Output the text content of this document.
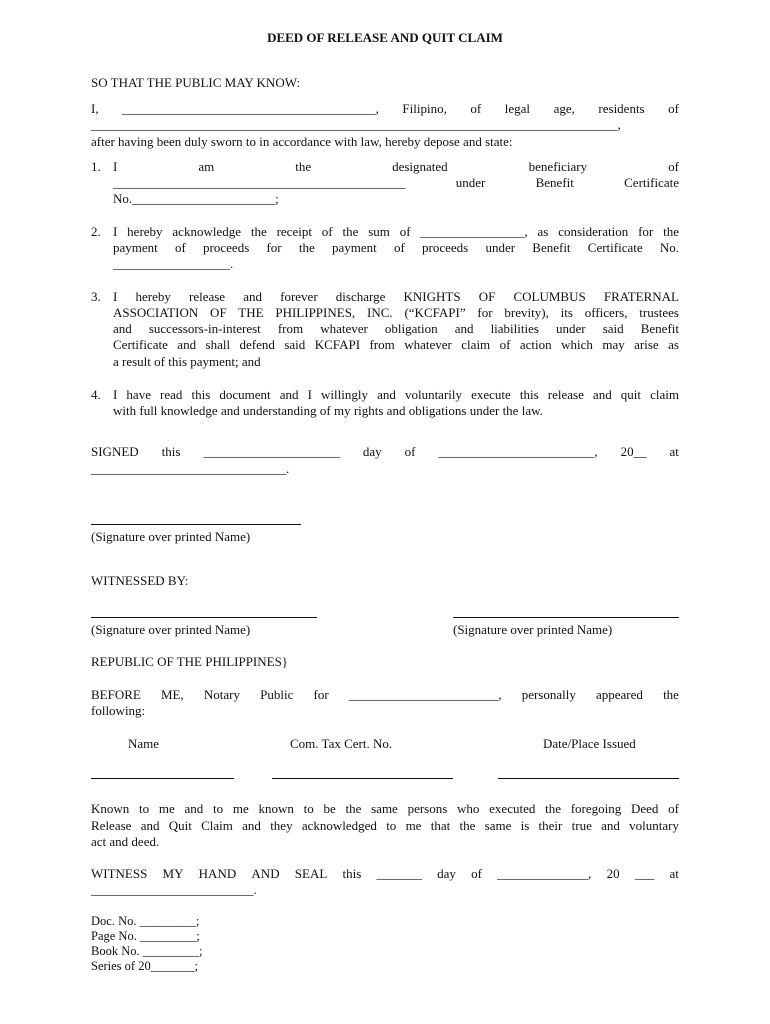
DEED OF RELEASE AND QUIT CLAIM
SO THAT THE PUBLIC MAY KNOW:
I, _______________________________________, Filipino, of legal age, residents of
_________________________________________________________________________________,
after having been duly sworn to in accordance with law, hereby depose and state:
1. I	am	the	designated	beneficiary	of
_____________________________________________	under	Benefit	Certificate
No.______________________;
2. I hereby acknowledge the receipt of the sum of ________________, as consideration for the
payment of proceeds for the payment of proceeds under Benefit Certificate No.
__________________.
3. I hereby release and forever discharge KNIGHTS OF COLUMBUS FRATERNAL
ASSOCIATION OF THE PHILIPPINES, INC. (“KCFAPI” for brevity), its officers, trustees
and successors-in-interest from whatever obligation and liabilities under said Benefit
Certificate and shall defend said KCFAPI from whatever claim of action which may arise as
a result of this payment; and
4. I have read this document and I willingly and voluntarily execute this release and quit claim
with full knowledge and understanding of my rights and obligations under the law.
SIGNED this _____________________ day of ________________________, 20__ at
______________________________.
(Signature over printed Name)
WITNESSED BY:
(Signature over printed Name)	(Signature over printed Name)
REPUBLIC OF THE PHILIPPINES}
BEFORE ME, Notary Public for _______________________, personally appeared the
following:
Name	Com. Tax Cert. No.	Date/Place Issued
Known to me and to me known to be the same persons who executed the foregoing Deed of
Release and Quit Claim and they acknowledged to me that the same is their true and voluntary
act and deed.
WITNESS MY HAND AND SEAL this _______ day of ______________, 20 ___ at
_________________________.
Doc. No. _________;
Page No. _________;
Book No. _________;
Series of 20_______;
